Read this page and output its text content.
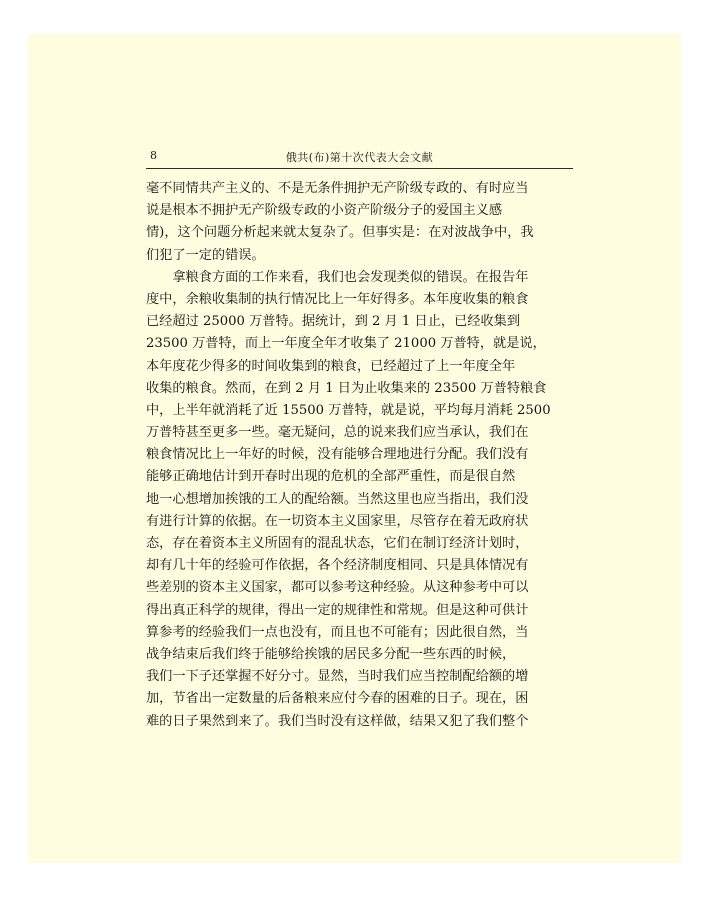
8	俄共(布)第十次代表大会文献
毫不同情共产主义的、不是无条件拥护无产阶级专政的、有时应当
说是根本不拥护无产阶级专政的小资产阶级分子的爱国主义感
情)，这个问题分析起来就太复杂了。但事实是：在对波战争中，我
们犯了一定的错误。
　　拿粮食方面的工作来看，我们也会发现类似的错误。在报告年
度中，余粮收集制的执行情况比上一年好得多。本年度收集的粮食
已经超过 25000 万普特。据统计，到 2 月 1 日止，已经收集到
23500 万普特，而上一年度全年才收集了 21000 万普特，就是说，
本年度花少得多的时间收集到的粮食，已经超过了上一年度全年
收集的粮食。然而，在到 2 月 1 日为止收集来的 23500 万普特粮食
中，上半年就消耗了近 15500 万普特，就是说，平均每月消耗 2500
万普特甚至更多一些。毫无疑问，总的说来我们应当承认，我们在
粮食情况比上一年好的时候，没有能够合理地进行分配。我们没有
能够正确地估计到开春时出现的危机的全部严重性，而是很自然
地一心想增加挨饿的工人的配给额。当然这里也应当指出，我们没
有进行计算的依据。在一切资本主义国家里，尽管存在着无政府状
态，存在着资本主义所固有的混乱状态，它们在制订经济计划时，
却有几十年的经验可作依据，各个经济制度相同、只是具体情况有
些差别的资本主义国家，都可以参考这种经验。从这种参考中可以
得出真正科学的规律，得出一定的规律性和常规。但是这种可供计
算参考的经验我们一点也没有，而且也不可能有；因此很自然，当
战争结束后我们终于能够给挨饿的居民多分配一些东西的时候，
我们一下子还掌握不好分寸。显然，当时我们应当控制配给额的增
加，节省出一定数量的后备粮来应付今春的困难的日子。现在，困
难的日子果然到来了。我们当时没有这样做，结果又犯了我们整个
